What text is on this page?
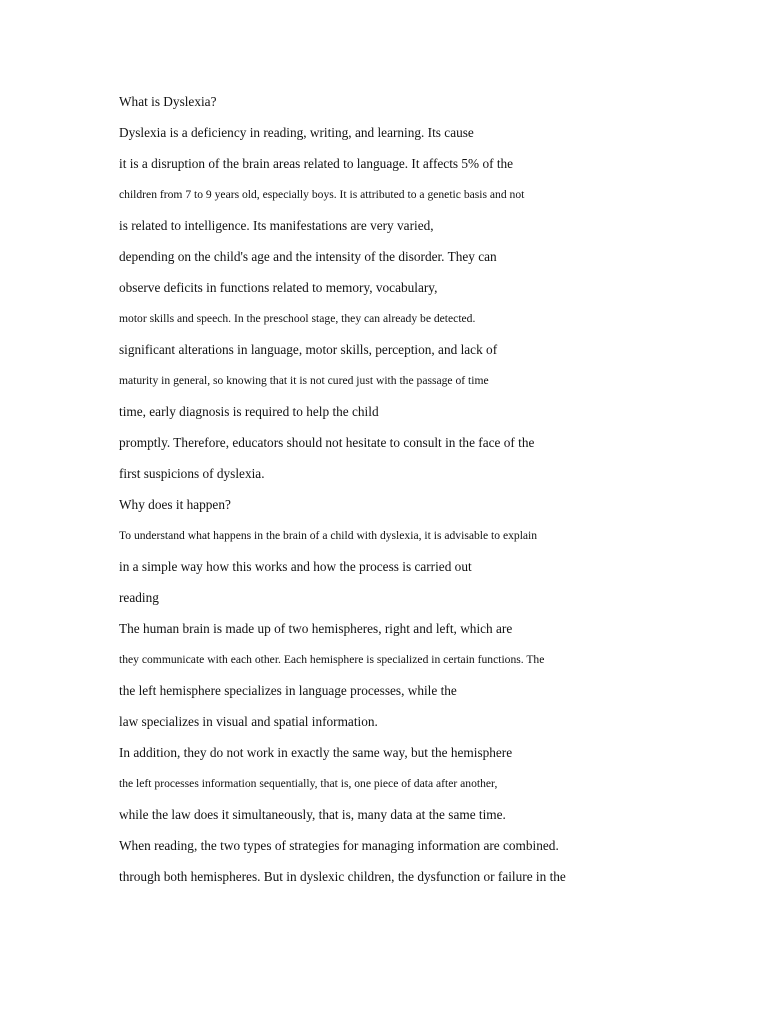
What is Dyslexia?

Dyslexia is a deficiency in reading, writing, and learning. Its cause

it is a disruption of the brain areas related to language. It affects 5% of the

children from 7 to 9 years old, especially boys. It is attributed to a genetic basis and not

is related to intelligence. Its manifestations are very varied,

depending on the child's age and the intensity of the disorder. They can

observe deficits in functions related to memory, vocabulary,

motor skills and speech. In the preschool stage, they can already be detected.

significant alterations in language, motor skills, perception, and lack of

maturity in general, so knowing that it is not cured just with the passage of time

time, early diagnosis is required to help the child

promptly. Therefore, educators should not hesitate to consult in the face of the

first suspicions of dyslexia.

Why does it happen?

To understand what happens in the brain of a child with dyslexia, it is advisable to explain

in a simple way how this works and how the process is carried out

reading

The human brain is made up of two hemispheres, right and left, which are

they communicate with each other. Each hemisphere is specialized in certain functions. The

the left hemisphere specializes in language processes, while the

law specializes in visual and spatial information.

In addition, they do not work in exactly the same way, but the hemisphere

the left processes information sequentially, that is, one piece of data after another,

while the law does it simultaneously, that is, many data at the same time.

When reading, the two types of strategies for managing information are combined.

through both hemispheres. But in dyslexic children, the dysfunction or failure in the
